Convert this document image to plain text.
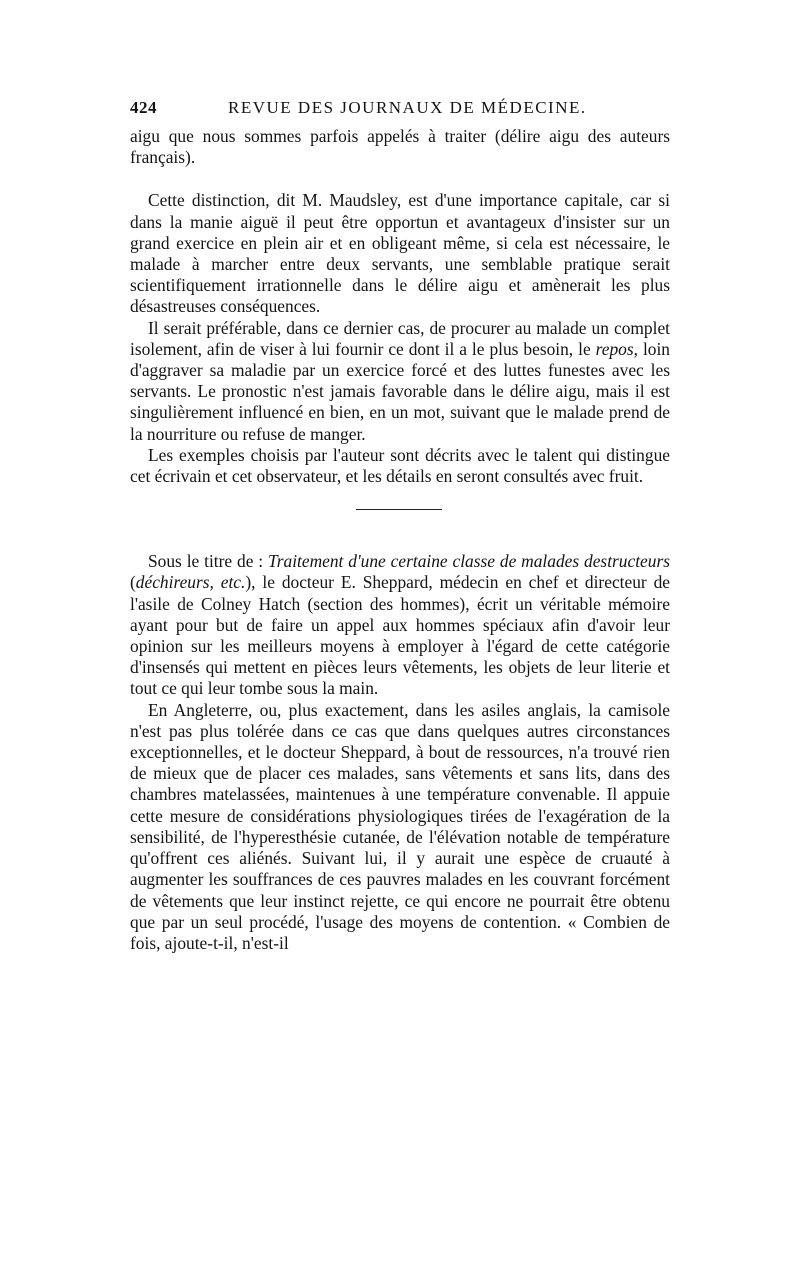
424	REVUE DES JOURNAUX DE MÉDECINE.

aigu que nous sommes parfois appelés à traiter (délire aigu des auteurs français).

Cette distinction, dit M. Maudsley, est d'une importance capitale, car si dans la manie aiguë il peut être opportun et avantageux d'insister sur un grand exercice en plein air et en obligeant même, si cela est nécessaire, le malade à marcher entre deux servants, une semblable pratique serait scientifiquement irrationnelle dans le délire aigu et amènerait les plus désastreuses conséquences.

Il serait préférable, dans ce dernier cas, de procurer au malade un complet isolement, afin de viser à lui fournir ce dont il a le plus besoin, le repos, loin d'aggraver sa maladie par un exercice forcé et des luttes funestes avec les servants. Le pronostic n'est jamais favorable dans le délire aigu, mais il est singulièrement influencé en bien, en un mot, suivant que le malade prend de la nourriture ou refuse de manger.

Les exemples choisis par l'auteur sont décrits avec le talent qui distingue cet écrivain et cet observateur, et les détails en seront consultés avec fruit.

Sous le titre de : Traitement d'une certaine classe de malades destructeurs (déchireurs, etc.), le docteur E. Sheppard, médecin en chef et directeur de l'asile de Colney Hatch (section des hommes), écrit un véritable mémoire ayant pour but de faire un appel aux hommes spéciaux afin d'avoir leur opinion sur les meilleurs moyens à employer à l'égard de cette catégorie d'insensés qui mettent en pièces leurs vêtements, les objets de leur literie et tout ce qui leur tombe sous la main.

En Angleterre, ou, plus exactement, dans les asiles anglais, la camisole n'est pas plus tolérée dans ce cas que dans quelques autres circonstances exceptionnelles, et le docteur Sheppard, à bout de ressources, n'a trouvé rien de mieux que de placer ces malades, sans vêtements et sans lits, dans des chambres matelassées, maintenues à une température convenable. Il appuie cette mesure de considérations physiologiques tirées de l'exagération de la sensibilité, de l'hyperesthésie cutanée, de l'élévation notable de température qu'offrent ces aliénés. Suivant lui, il y aurait une espèce de cruauté à augmenter les souffrances de ces pauvres malades en les couvrant forcément de vêtements que leur instinct rejette, ce qui encore ne pourrait être obtenu que par un seul procédé, l'usage des moyens de contention. « Combien de fois, ajoute-t-il, n'est-il
